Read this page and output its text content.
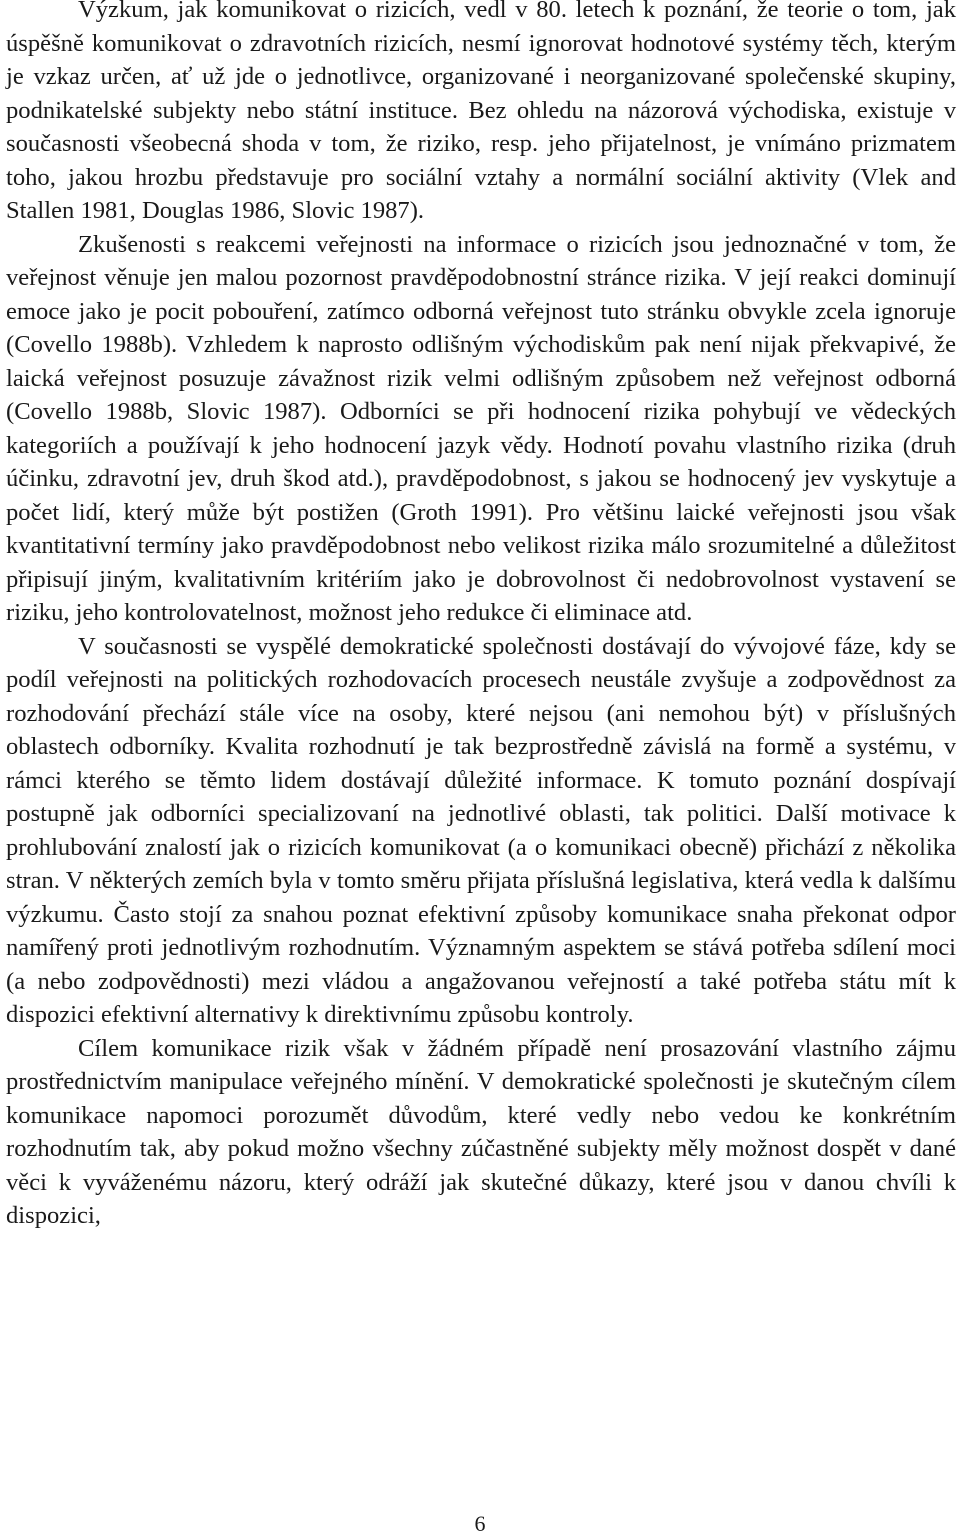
Výzkum, jak komunikovat o rizicích, vedl v 80. letech k poznání, že teorie o tom, jak úspěšně komunikovat o zdravotních rizicích, nesmí ignorovat hodnotové systémy těch, kterým je vzkaz určen, ať už jde o jednotlivce, organizované i neorganizované společenské skupiny, podnikatelské subjekty nebo státní instituce. Bez ohledu na názorová východiska, existuje v současnosti všeobecná shoda v tom, že riziko, resp. jeho přijatelnost, je vnímáno prizmatem toho, jakou hrozbu představuje pro sociální vztahy a normální sociální aktivity (Vlek and Stallen 1981, Douglas 1986, Slovic 1987).

Zkušenosti s reakcemi veřejnosti na informace o rizicích jsou jednoznačné v tom, že veřejnost věnuje jen malou pozornost pravděpodobnostní stránce rizika. V její reakci dominují emoce jako je pocit pobouření, zatímco odborná veřejnost tuto stránku obvykle zcela ignoruje (Covello 1988b). Vzhledem k naprosto odlišným východiskům pak není nijak překvapivé, že laická veřejnost posuzuje závažnost rizik velmi odlišným způsobem než veřejnost odborná (Covello 1988b, Slovic 1987). Odborníci se při hodnocení rizika pohybují ve vědeckých kategoriích a používají k jeho hodnocení jazyk vědy. Hodnotí povahu vlastního rizika (druh účinku, zdravotní jev, druh škod atd.), pravděpodobnost, s jakou se hodnocený jev vyskytuje a počet lidí, který může být postižen (Groth 1991). Pro většinu laické veřejnosti jsou však kvantitativní termíny jako pravděpodobnost nebo velikost rizika málo srozumitelné a důležitost připisují jiným, kvalitativním kritériím jako je dobrovolnost či nedobrovolnost vystavení se riziku, jeho kontrolovatelnost, možnost jeho redukce či eliminace atd.

V současnosti se vyspělé demokratické společnosti dostávají do vývojové fáze, kdy se podíl veřejnosti na politických rozhodovacích procesech neustále zvyšuje a zodpovědnost za rozhodování přechází stále více na osoby, které nejsou (ani nemohou být) v příslušných oblastech odborníky. Kvalita rozhodnutí je tak bezprostředně závislá na formě a systému, v rámci kterého se těmto lidem dostávají důležité informace. K tomuto poznání dospívají postupně jak odborníci specializovaní na jednotlivé oblasti, tak politici. Další motivace k prohlubování znalostí jak o rizicích komunikovat (a o komunikaci obecně) přichází z několika stran. V některých zemích byla v tomto směru přijata příslušná legislativa, která vedla k dalšímu výzkumu. Často stojí za snahou poznat efektivní způsoby komunikace snaha překonat odpor namířený proti jednotlivým rozhodnutím. Významným aspektem se stává potřeba sdílení moci (a nebo zodpovědnosti) mezi vládou a angažovanou veřejností a také potřeba státu mít k dispozici efektivní alternativy k direktivnímu způsobu kontroly.

Cílem komunikace rizik však v žádném případě není prosazování vlastního zájmu prostřednictvím manipulace veřejného mínění. V demokratické společnosti je skutečným cílem komunikace napomoci porozumět důvodům, které vedly nebo vedou ke konkrétním rozhodnutím tak, aby pokud možno všechny zúčastněné subjekty měly možnost dospět v dané věci k vyváženému názoru, který odráží jak skutečné důkazy, které jsou v danou chvíli k dispozici,

6
